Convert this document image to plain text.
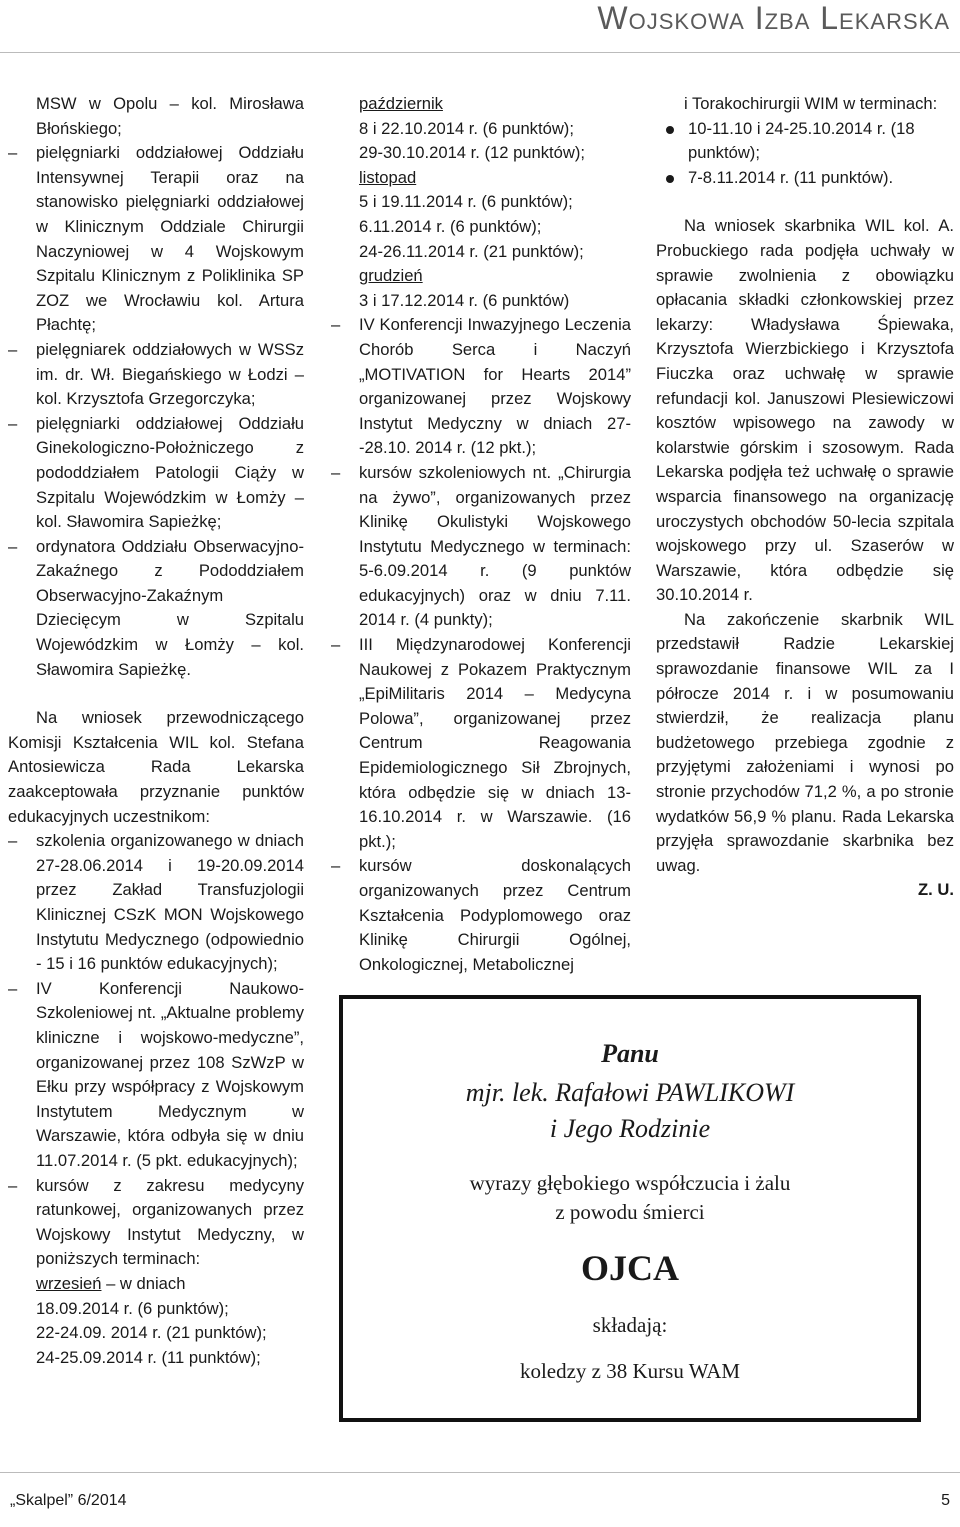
Wojskowa Izba Lekarska

MSW w Opolu – kol. Mirosława Błońskiego;

– pielęgniarki oddziałowej Oddziału Intensywnej Terapii oraz na stanowisko pielęgniarki oddziałowej w Klinicznym Oddziale Chirurgii Naczyniowej w 4 Wojskowym Szpitalu Klinicznym z Poliklinika SP ZOZ we Wrocławiu kol. Artura Płachtę;

– pielęgniarek oddziałowych w WSSz im. dr. Wł. Biegańskiego w Łodzi – kol. Krzysztofa Grzegorczyka;

– pielęgniarki oddziałowej Oddziału Ginekologiczno-Położniczego z pododdziałem Patologii Ciąży w Szpitalu Wojewódzkim w Łomży – kol. Sławomira Sapieżkę;

– ordynatora Oddziału Obserwacyjno-Zakaźnego z Pododdziałem Obserwacyjno-Zakaźnym Dziecięcym w Szpitalu Wojewódzkim w Łomży – kol. Sławomira Sapieżkę.

Na wniosek przewodniczącego Komisji Kształcenia WIL kol. Stefana Antosiewicza Rada Lekarska zaakceptowała przyznanie punktów edukacyjnych uczestnikom:

– szkolenia organizowanego w dniach 27-28.06.2014 i 19-20.09.2014 przez Zakład Transfuzjologii Klinicznej CSzK MON Wojskowego Instytutu Medycznego (odpowiednio - 15 i 16 punktów edukacyjnych);

– IV Konferencji Naukowo-Szkoleniowej nt. „Aktualne problemy kliniczne i wojskowo-medyczne”, organizowanej przez 108 SzWzP w Ełku przy współpracy z Wojskowym Instytutem Medycznym w Warszawie, która odbyła się w dniu 11.07.2014 r. (5 pkt. edukacyjnych);

– kursów z zakresu medycyny ratunkowej, organizowanych przez Wojskowy Instytut Medyczny, w poniższych terminach:

wrzesień – w dniach

18.09.2014 r. (6 punktów);

22-24.09. 2014 r. (21 punktów);

24-25.09.2014 r. (11 punktów);

październik

8 i 22.10.2014 r. (6 punktów);

29-30.10.2014 r. (12 punktów);

listopad

5 i 19.11.2014 r. (6 punktów);

6.11.2014 r. (6 punktów);

24-26.11.2014 r. (21 punktów);

grudzień

3 i 17.12.2014 r. (6 punktów)

– IV Konferencji Inwazyjnego Leczenia Chorób Serca i Naczyń „MOTIVATION for Hearts 2014” organizowanej przez Wojskowy Instytut Medyczny w dniach 27--28.10. 2014 r. (12 pkt.);

– kursów szkoleniowych nt. „Chirurgia na żywo”, organizowanych przez Klinikę Okulistyki Wojskowego Instytutu Medycznego w terminach: 5-6.09.2014 r. (9 punktów edukacyjnych) oraz w dniu 7.11. 2014 r. (4 punkty);

– III Międzynarodowej Konferencji Naukowej z Pokazem Praktycznym „EpiMilitaris 2014 – Medycyna Polowa”, organizowanej przez Centrum Reagowania Epidemiologicznego Sił Zbrojnych, która odbędzie się w dniach 13-16.10.2014 r. w Warszawie. (16 pkt.);

– kursów doskonalących organizowanych przez Centrum Kształcenia Podyplomowego oraz Klinikę Chirurgii Ogólnej, Onkologicznej, Metabolicznej

i Torakochirurgii WIM w terminach:

10-11.10 i 24-25.10.2014 r. (18 punktów);

7-8.11.2014 r. (11 punktów).

Na wniosek skarbnika WIL kol. A. Probuckiego rada podjęła uchwały w sprawie zwolnienia z obowiązku opłacania składki członkowskiej przez lekarzy: Władysława Śpiewaka, Krzysztofa Wierzbickiego i Krzysztofa Fiuczka oraz uchwałę w sprawie refundacji kol. Januszowi Plesiewiczowi kosztów wpisowego na zawody w kolarstwie górskim i szosowym. Rada Lekarska podjęła też uchwałę o sprawie wsparcia finansowego na organizację uroczystych obchodów 50-lecia szpitala wojskowego przy ul. Szaserów w Warszawie, która odbędzie się 30.10.2014 r.

Na zakończenie skarbnik WIL przedstawił Radzie Lekarskiej sprawozdanie finansowe WIL za I półrocze 2014 r. i w posumowaniu stwierdził, że realizacja planu budżetowego przebiega zgodnie z przyjętymi założeniami i wynosi po stronie przychodów 71,2 %, a po stronie wydatków 56,9 % planu. Rada Lekarska przyjęła sprawozdanie skarbnika bez uwag.

Z. U.

Panu
mjr. lek. Rafałowi PAWLIKOWI
i Jego Rodzinie
wyrazy głębokiego współczucia i żalu
z powodu śmierci
OJCA
składają:
koledzy z 38 Kursu WAM
„Skalpel” 6/2014	5
